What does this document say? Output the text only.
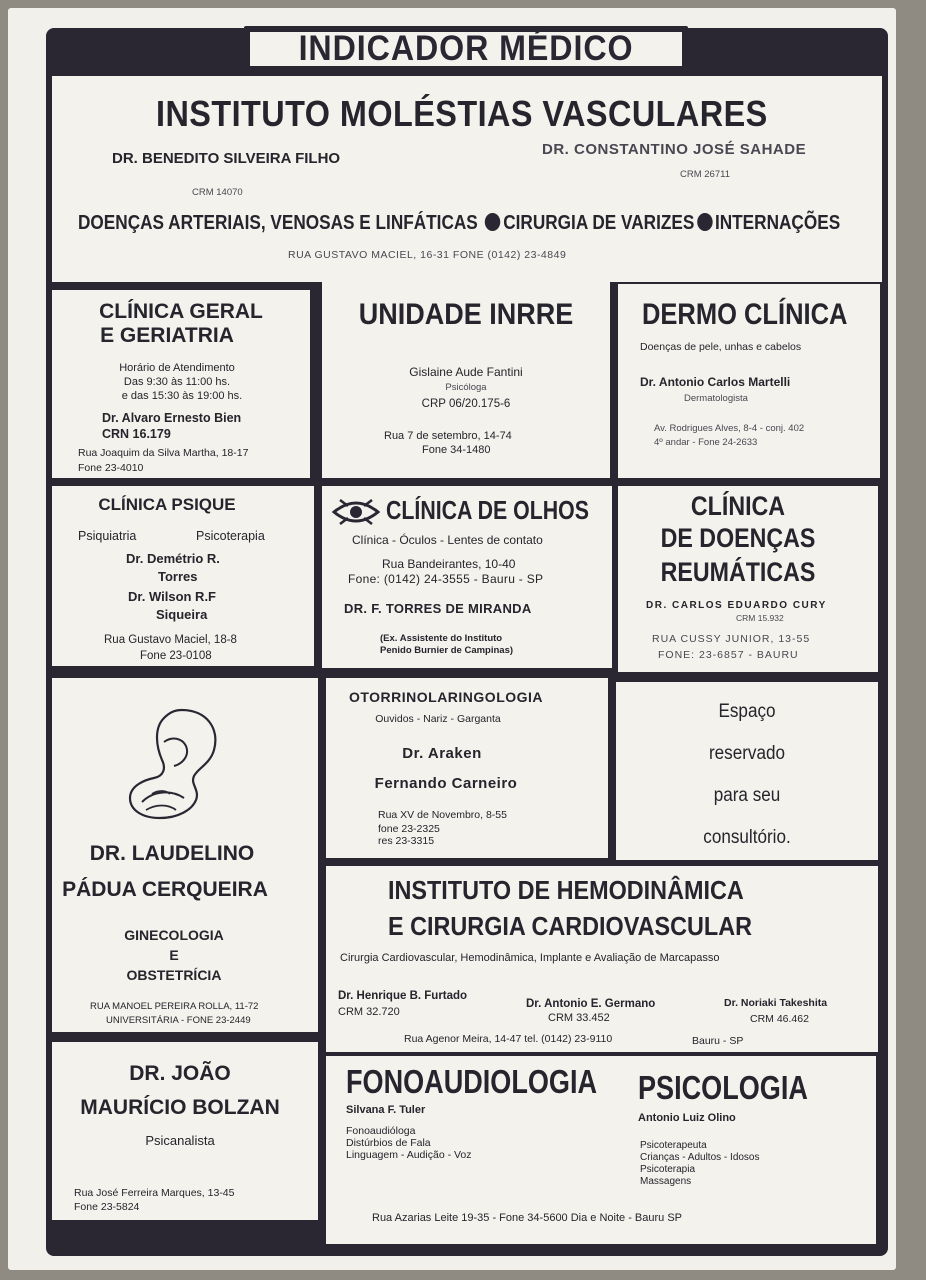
INDICADOR MÉDICO
INSTITUTO MOLÉSTIAS VASCULARES
DR. BENEDITO SILVEIRA FILHO
CRM 14070
DR. CONSTANTINO JOSÉ SAHADE
CRM 26711
DOENÇAS ARTERIAIS, VENOSAS E LINFÁTICAS CIRURGIA DE VARIZES INTERNAÇÕES
RUA GUSTAVO MACIEL, 16-31 FONE (0142) 23-4849
CLÍNICA GERAL
E GERIATRIA
Horário de Atendimento
Das 9:30 às 11:00 hs.
e das 15:30 às 19:00 hs.
Dr. Alvaro Ernesto Bien
CRN 16.179
Rua Joaquim da Silva Martha, 18-17
Fone 23-4010
UNIDADE INRRE
Gislaine Aude Fantini
Psicóloga
CRP 06/20.175-6
Rua 7 de setembro, 14-74
Fone 34-1480
DERMO CLÍNICA
Doenças de pele, unhas e cabelos
Dr. Antonio Carlos Martelli
Dermatologista
Av. Rodrigues Alves, 8-4 - conj. 402
4º andar - Fone 24-2633
CLÍNICA PSIQUE
Psiquiatria	Psicoterapia
Dr. Demétrio R.
Torres
Dr. Wilson R.F
Siqueira
Rua Gustavo Maciel, 18-8
Fone 23-0108
CLÍNICA DE OLHOS
Clínica - Óculos - Lentes de contato
Rua Bandeirantes, 10-40
Fone: (0142) 24-3555 - Bauru - SP
DR. F. TORRES DE MIRANDA
(Ex. Assistente do Instituto
Penido Burnier de Campinas)
CLÍNICA
DE DOENÇAS
REUMÁTICAS
DR. CARLOS EDUARDO CURY
CRM 15.932
RUA CUSSY JUNIOR, 13-55
FONE: 23-6857 - BAURU
DR. LAUDELINO
PÁDUA CERQUEIRA
GINECOLOGIA
E
OBSTETRÍCIA
RUA MANOEL PEREIRA ROLLA, 11-72
UNIVERSITÁRIA - FONE 23-2449
OTORRINOLARINGOLOGIA
Ouvidos - Nariz - Garganta
Dr. Araken
Fernando Carneiro
Rua XV de Novembro, 8-55
fone 23-2325
res 23-3315
Espaço
reservado
para seu
consultório.
INSTITUTO DE HEMODINÂMICA
E CIRURGIA CARDIOVASCULAR
Cirurgia Cardiovascular, Hemodinâmica, Implante e Avaliação de Marcapasso
Dr. Henrique B. Furtado
CRM 32.720
Dr. Antonio E. Germano
CRM 33.452
Dr. Noriaki Takeshita
CRM 46.462
Rua Agenor Meira, 14-47 tel. (0142) 23-9110	Bauru - SP
DR. JOÃO
MAURÍCIO BOLZAN
Psicanalista
Rua José Ferreira Marques, 13-45
Fone 23-5824
FONOAUDIOLOGIA
Silvana F. Tuler
Fonoaudióloga
Distúrbios de Fala
Linguagem - Audição - Voz
PSICOLOGIA
Antonio Luiz Olino
Psicoterapeuta
Crianças - Adultos - Idosos
Psicoterapia
Massagens
Rua Azarias Leite 19-35 - Fone 34-5600 Dia e Noite - Bauru SP
